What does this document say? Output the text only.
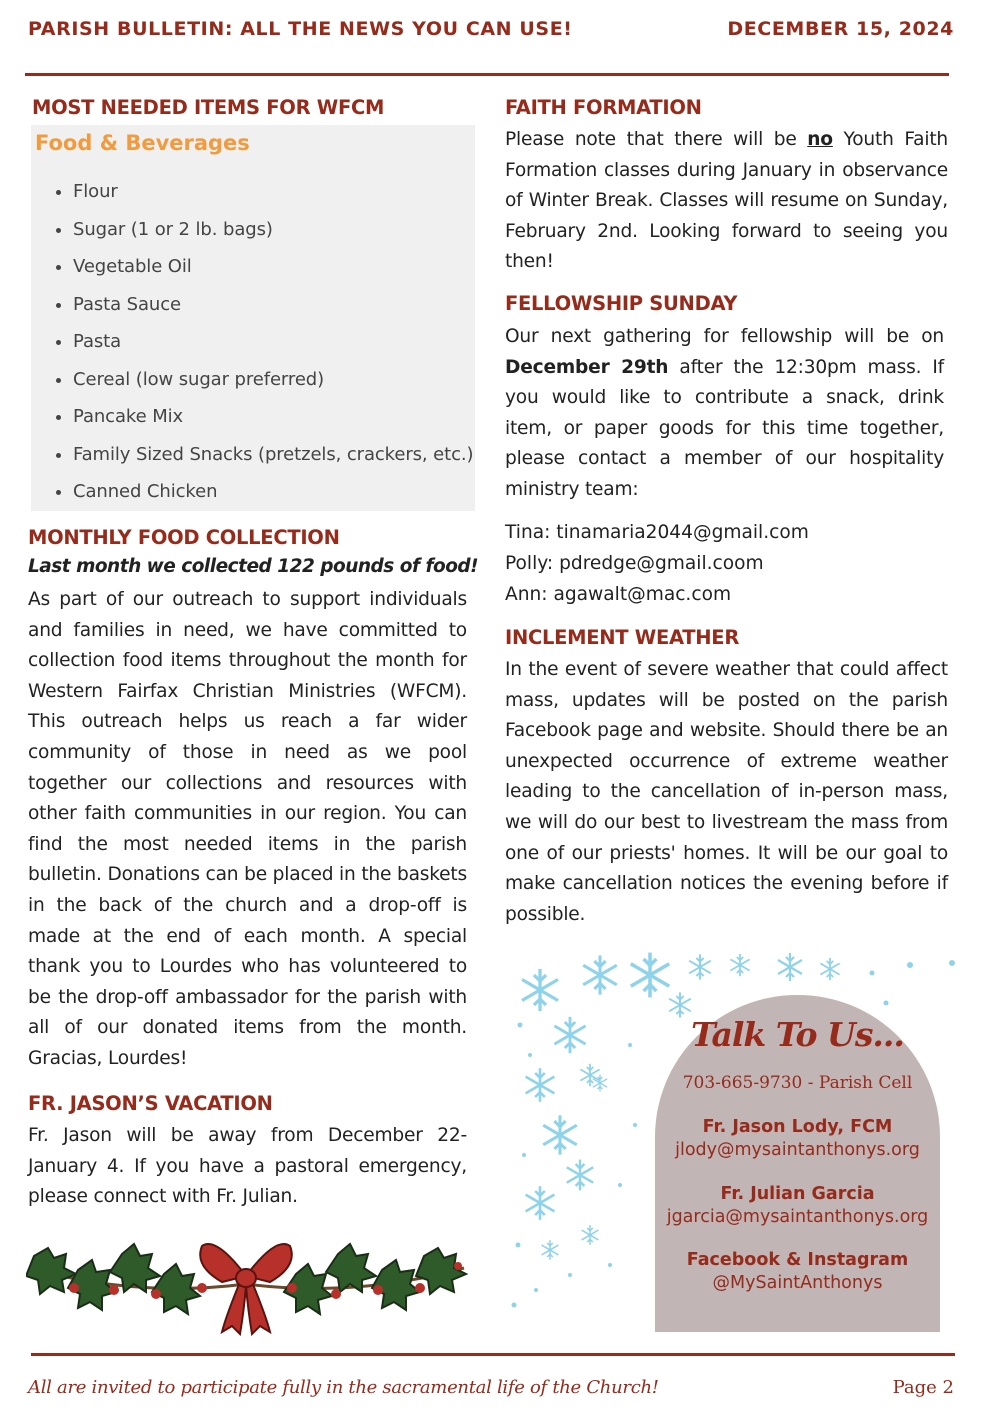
PARISH BULLETIN: ALL THE NEWS YOU CAN USE!	DECEMBER 15, 2024
MOST NEEDED ITEMS FOR WFCM
Food & Beverages
• Flour
• Sugar (1 or 2 lb. bags)
• Vegetable Oil
• Pasta Sauce
• Pasta
• Cereal (low sugar preferred)
• Pancake Mix
• Family Sized Snacks (pretzels, crackers, etc.)
• Canned Chicken
MONTHLY FOOD COLLECTION
Last month we collected 122 pounds of food!

As part of our outreach to support individuals and families in need, we have committed to collection food items throughout the month for Western Fairfax Christian Ministries (WFCM). This outreach helps us reach a far wider community of those in need as we pool together our collections and resources with other faith communities in our region. You can find the most needed items in the parish bulletin. Donations can be placed in the baskets in the back of the church and a drop-off is made at the end of each month. A special thank you to Lourdes who has volunteered to be the drop-off ambassador for the parish with all of our donated items from the month. Gracias, Lourdes!

FR. JASON’S VACATION

Fr. Jason will be away from December 22-January 4. If you have a pastoral emergency, please connect with Fr. Julian.

FAITH FORMATION

Please note that there will be no Youth Faith Formation classes during January in observance of Winter Break. Classes will resume on Sunday, February 2nd. Looking forward to seeing you then!

FELLOWSHIP SUNDAY

Our next gathering for fellowship will be on December 29th after the 12:30pm mass. If you would like to contribute a snack, drink item, or paper goods for this time together, please contact a member of our hospitality ministry team:

Tina: tinamaria2044@gmail.com
Polly: pdredge@gmail.coom
Ann: agawalt@mac.com
INCLEMENT WEATHER

In the event of severe weather that could affect mass, updates will be posted on the parish Facebook page and website. Should there be an unexpected occurrence of extreme weather leading to the cancellation of in-person mass, we will do our best to livestream the mass from one of our priests' homes. It will be our goal to make cancellation notices the evening before if possible.

Talk To Us...
703-665-9730 - Parish Cell
Fr. Jason Lody, FCM
jlody@mysaintanthonys.org
Fr. Julian Garcia
jgarcia@mysaintanthonys.org
Facebook & Instagram
@MySaintAnthonys
All are invited to participate fully in the sacramental life of the Church!	Page 2
